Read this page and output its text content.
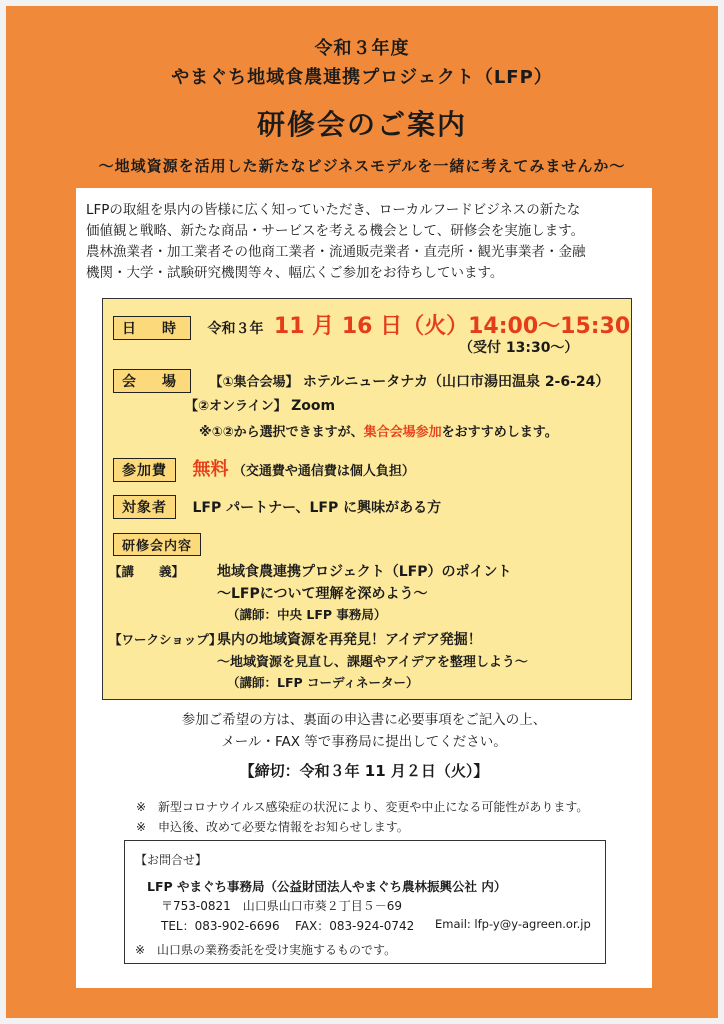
令和３年度
やまぐち地域食農連携プロジェクト（LFP）
研修会のご案内
～地域資源を活用した新たなビジネスモデルを一緒に考えてみませんか～
LFPの取組を県内の皆様に広く知っていただき、ローカルフードビジネスの新たな
価値観と戦略、新たな商品・サービスを考える機会として、研修会を実施します。
農林漁業者・加工業者その他商工業者・流通販売業者・直売所・観光事業者・金融
機関・大学・試験研究機関等々、幅広くご参加をお待ちしています。
日　時 令和３年 11 月 16 日（火）14:00～15:30
（受付 13:30～）
会　場 【①集合会場】 ホテルニュータナカ（山口市湯田温泉 2-6-24）
【②オンライン】 Zoom
※①②から選択できますが、集合会場参加をおすすめします。
参加費 無料 （交通費や通信費は個人負担）
対象者 LFP パートナー、LFP に興味がある方
研修会内容
【講　　義】 地域食農連携プロジェクト（LFP）のポイント
～LFPについて理解を深めよう～
（講師：中央 LFP 事務局）
【ワークショップ】県内の地域資源を再発見！アイデア発掘！
～地域資源を見直し、課題やアイデアを整理しよう～
（講師：LFP コーディネーター）
参加ご希望の方は、裏面の申込書に必要事項をご記入の上、
メール・FAX 等で事務局に提出してください。
【締切：令和３年 11 月２日（火）】
※　新型コロナウイルス感染症の状況により、変更や中止になる可能性があります。
※　申込後、改めて必要な情報をお知らせします。
【お問合せ】
LFP やまぐち事務局（公益財団法人やまぐち農林振興公社 内）
〒753-0821　山口県山口市葵２丁目５－69
TEL：083-902-6696 FAX：083-924-0742 Email: lfp-y@y-agreen.or.jp
※　山口県の業務委託を受け実施するものです。
